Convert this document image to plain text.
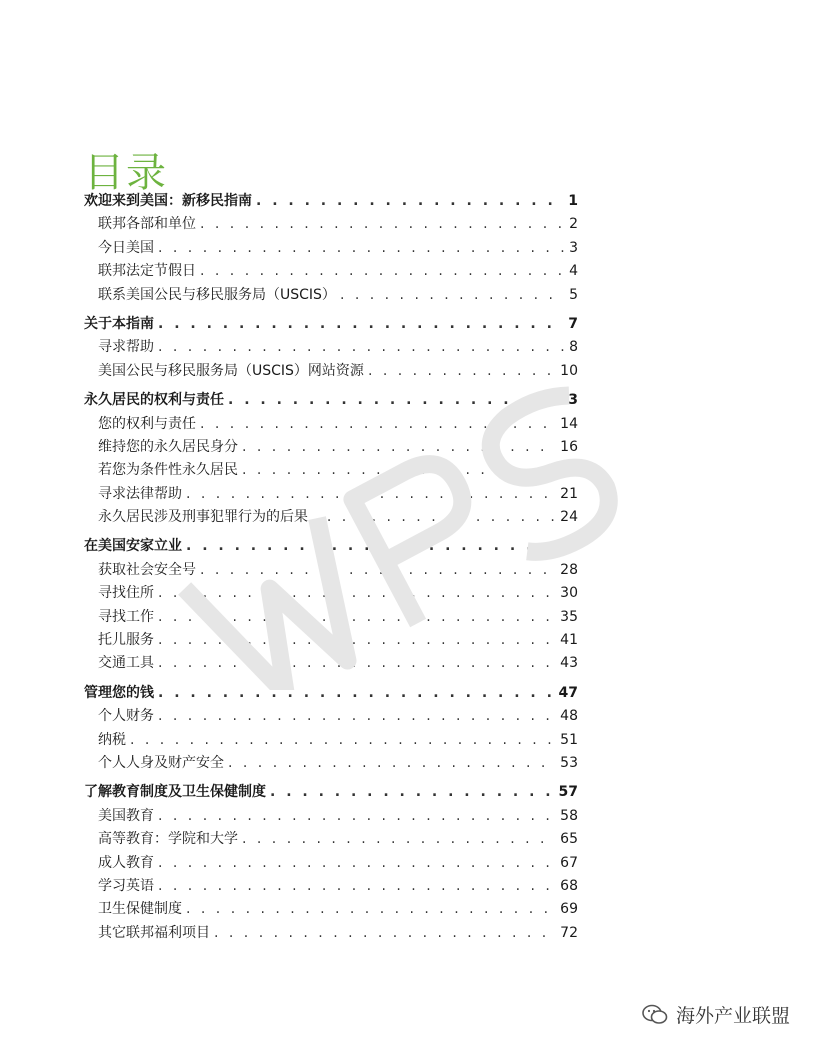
目录
欢迎来到美国：新移民指南 . . .	1
联邦各部和单位 . . .	2
今日美国 . . .	3
联邦法定节假日 . . .	4
联系美国公民与移民服务局（USCIS） . . .	5
关于本指南 . . .	7
寻求帮助 . . .	8
美国公民与移民服务局（USCIS）网站资源 . . .	10
永久居民的权利与责任 . . .	13
您的权利与责任 . . .	14
维持您的永久居民身分 . . .	16
若您为条件性永久居民 . . .	19
寻求法律帮助 . . .	21
永久居民涉及刑事犯罪行为的后果 . . .	24
在美国安家立业 . . .	27
获取社会安全号 . . .	28
寻找住所 . . .	30
寻找工作 . . .	35
托儿服务 . . .	41
交通工具 . . .	43
管理您的钱 . . .	47
个人财务 . . .	48
纳税 . . .	51
个人人身及财产安全 . . .	53
了解教育制度及卫生保健制度 . . .	57
美国教育 . . .	58
高等教育：学院和大学 . . .	65
成人教育 . . .	67
学习英语 . . .	68
卫生保健制度 . . .	69
其它联邦福利项目 . . .	72
海外产业联盟
